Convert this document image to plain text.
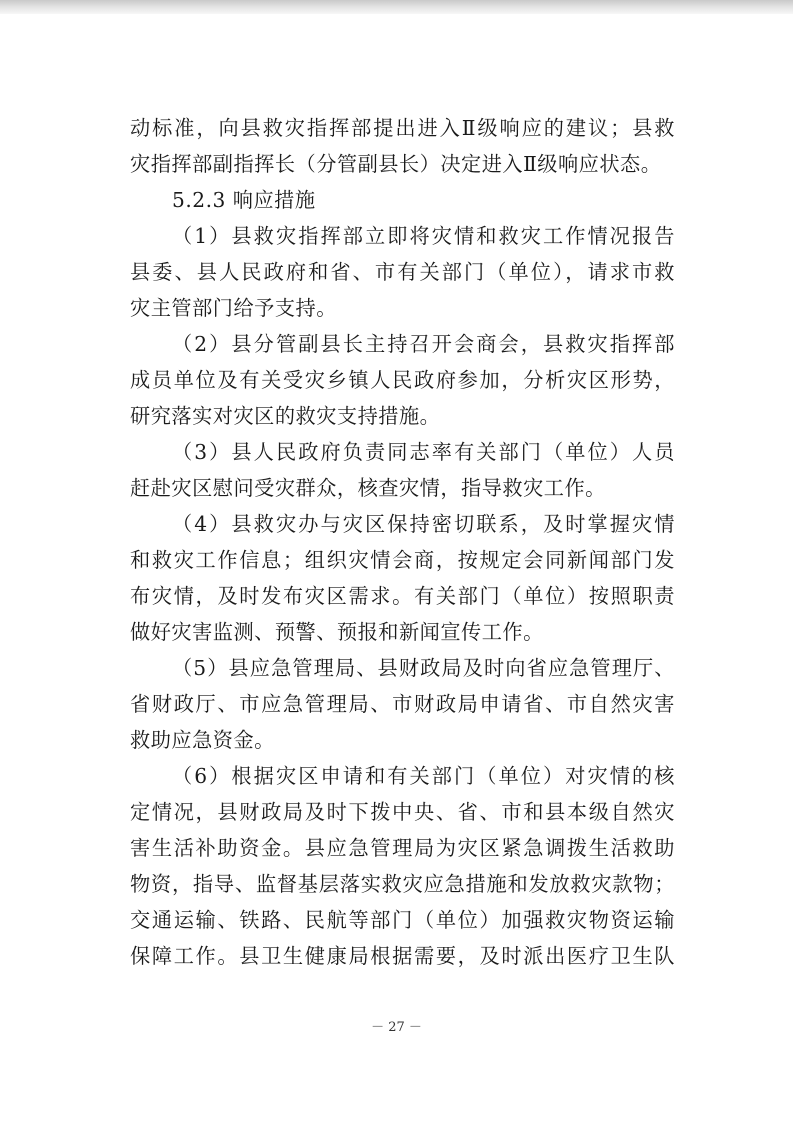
动标准，向县救灾指挥部提出进入Ⅱ级响应的建议；县救
灾指挥部副指挥长（分管副县长）决定进入Ⅱ级响应状态。
5.2.3 响应措施
（1）县救灾指挥部立即将灾情和救灾工作情况报告
县委、县人民政府和省、市有关部门（单位），请求市救
灾主管部门给予支持。
（2）县分管副县长主持召开会商会，县救灾指挥部
成员单位及有关受灾乡镇人民政府参加，分析灾区形势，
研究落实对灾区的救灾支持措施。
（3）县人民政府负责同志率有关部门（单位）人员
赶赴灾区慰问受灾群众，核查灾情，指导救灾工作。
（4）县救灾办与灾区保持密切联系，及时掌握灾情
和救灾工作信息；组织灾情会商，按规定会同新闻部门发
布灾情，及时发布灾区需求。有关部门（单位）按照职责
做好灾害监测、预警、预报和新闻宣传工作。
（5）县应急管理局、县财政局及时向省应急管理厅、
省财政厅、市应急管理局、市财政局申请省、市自然灾害
救助应急资金。
（6）根据灾区申请和有关部门（单位）对灾情的核
定情况，县财政局及时下拨中央、省、市和县本级自然灾
害生活补助资金。县应急管理局为灾区紧急调拨生活救助
物资，指导、监督基层落实救灾应急措施和发放救灾款物；
交通运输、铁路、民航等部门（单位）加强救灾物资运输
保障工作。县卫生健康局根据需要，及时派出医疗卫生队
－ 27 －
